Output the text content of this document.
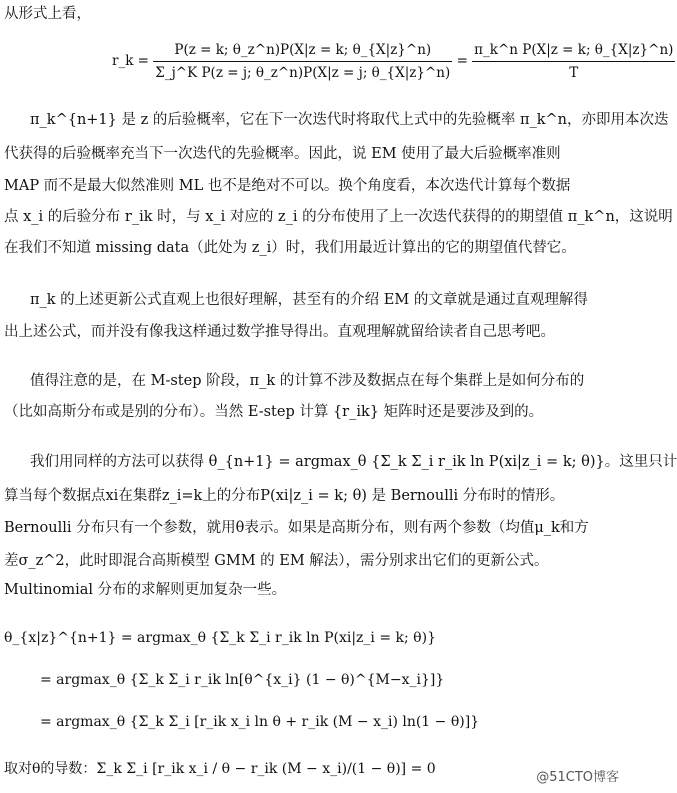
从形式上看，
r_k = $\frac{P(z = k; \theta\_z\^{}n)P(X|z = k; \theta\_\{X|z\}\^{}n)}{\text{Σ\_j\textasciicircum{}K P(z = j; θ\_z\textasciicircum{}n)P(X|z = j; θ\_\{X|z\}\textasciicircum{}n)}} = \frac{\text{π\_k\textasciicircum{}n P(X|z = k; θ\_\{X|z\}\textasciicircum{}n)}}{T}$
π_k^{n+1} 是 z 的后验概率，它在下一次迭代时将取代上式中的先验概率 π_k^n，亦即用本次迭
代获得的后验概率充当下一次迭代的先验概率。因此，说 EM 使用了最大后验概率准则
MAP 而不是最大似然准则 ML 也不是绝对不可以。换个角度看，本次迭代计算每个数据
点 x_i 的后验分布 r_ik 时，与 x_i 对应的 z_i 的分布使用了上一次迭代获得的的期望值 π_k^n，这说明
在我们不知道 missing data（此处为 z_i）时，我们用最近计算出的它的期望值代替它。
π_k 的上述更新公式直观上也很好理解，甚至有的介绍 EM 的文章就是通过直观理解得
出上述公式，而并没有像我这样通过数学推导得出。直观理解就留给读者自己思考吧。
值得注意的是，在 M-step 阶段，π_k 的计算不涉及数据点在每个集群上是如何分布的
（比如高斯分布或是别的分布）。当然 E-step 计算 {r_ik} 矩阵时还是要涉及到的。
我们用同样的方法可以获得 θ_{n+1} = argmax_θ {Σ_k Σ_i r_ik ln P(xi|z_i = k; θ)}。这里只计
算当每个数据点xi在集群z_i=k上的分布P(xi|z_i = k; θ) 是 Bernoulli 分布时的情形。
Bernoulli 分布只有一个参数，就用θ表示。如果是高斯分布，则有两个参数（均值μ_k和方
差σ_z^2，此时即混合高斯模型 GMM 的 EM 解法），需分别求出它们的更新公式。
Multinomial 分布的求解则更加复杂一些。
θ_{x|z}^{n+1} = argmax_θ {Σ_k Σ_i r_ik ln P(xi|z_i = k; θ)}
= argmax_θ {Σ_k Σ_i r_ik ln[θ^{x_i} (1 − θ)^{M−x_i}]}
= argmax_θ {Σ_k Σ_i [r_ik x_i ln θ + r_ik (M − x_i) ln(1 − θ)]}
取对θ的导数：Σ_k Σ_i [r_ik x_i / θ − r_ik (M − x_i)/(1 − θ)] = 0
@51CTO博客
